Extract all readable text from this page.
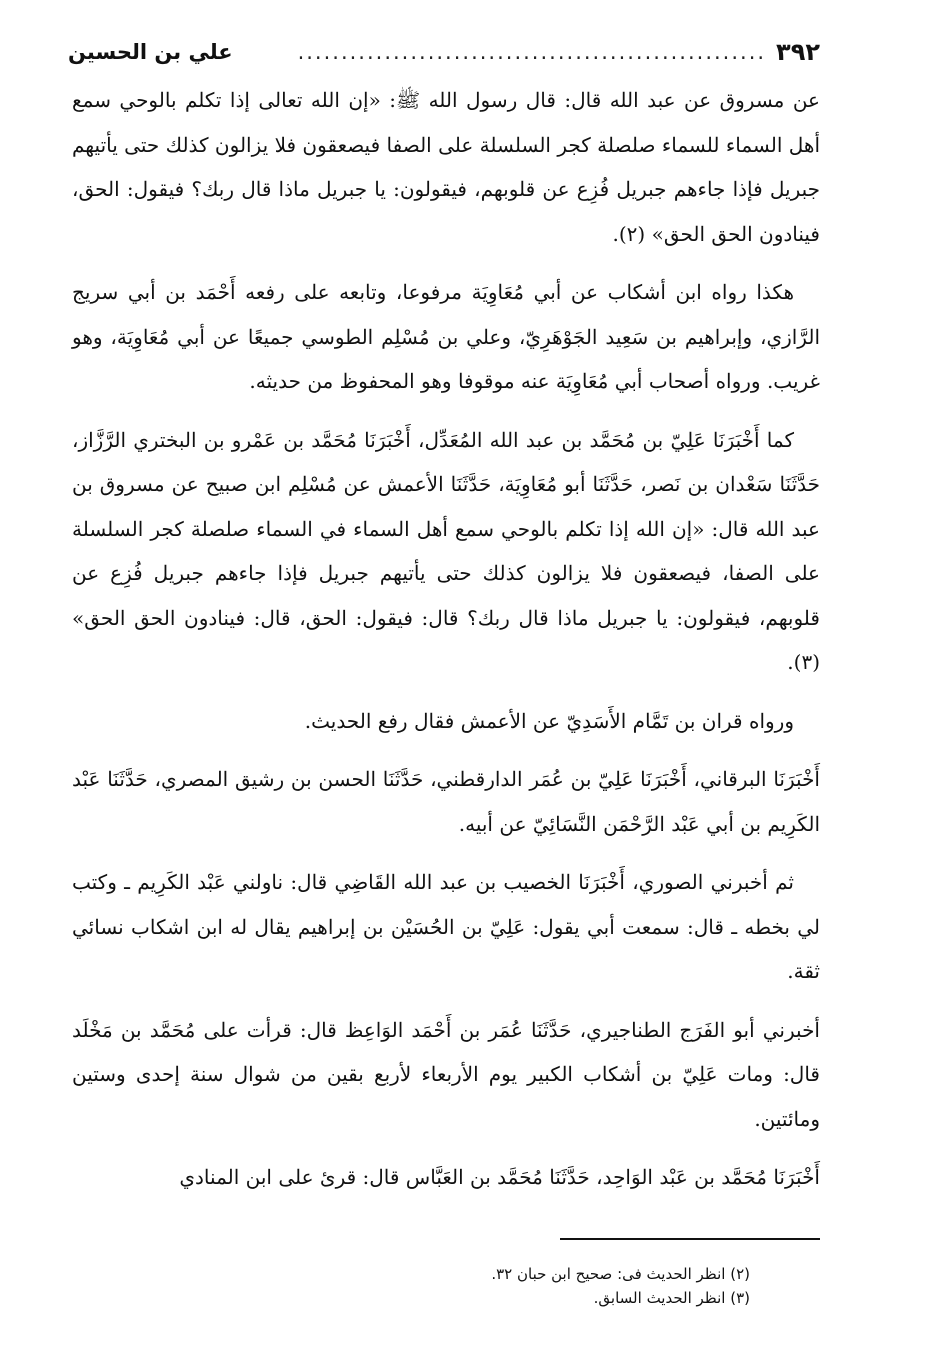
٣٩٢
......................................................
علي بن الحسين

عن مسروق عن عبد الله قال: قال رسول الله ﷺ: «إن الله تعالى إذا تكلم بالوحي سمع أهل السماء للسماء صلصلة كجر السلسلة على الصفا فيصعقون فلا يزالون كذلك حتى يأتيهم جبريل فإذا جاءهم جبريل فُزِع عن قلوبهم، فيقولون: يا جبريل ماذا قال ربك؟ فيقول: الحق، فينادون الحق الحق» (٢).

هكذا رواه ابن أشكاب عن أبي مُعَاوِيَة مرفوعا، وتابعه على رفعه أَحْمَد بن أبي سريج الرَّازي، وإبراهيم بن سَعِيد الجَوْهَرِيّ، وعلي بن مُسْلِم الطوسي جميعًا عن أبي مُعَاوِيَة، وهو غريب. ورواه أصحاب أبي مُعَاوِيَة عنه موقوفا وهو المحفوظ من حديثه.

كما أَخْبَرَنَا عَلِيّ بن مُحَمَّد بن عبد الله المُعَدِّل، أَخْبَرَنَا مُحَمَّد بن عَمْرو بن البختري الرَّزَّاز، حَدَّثَنَا سَعْدان بن نَصر، حَدَّثَنَا أبو مُعَاوِيَة، حَدَّثَنَا الأعمش عن مُسْلِم ابن صبيح عن مسروق بن عبد الله قال: «إن الله إذا تكلم بالوحي سمع أهل السماء في السماء صلصلة كجر السلسلة على الصفا، فيصعقون فلا يزالون كذلك حتى يأتيهم جبريل فإذا جاءهم جبريل فُزِع عن قلوبهم، فيقولون: يا جبريل ماذا قال ربك؟ قال: فيقول: الحق، قال: فينادون الحق الحق» (٣).

ورواه قران بن تَمَّام الأَسَدِيّ عن الأعمش فقال رفع الحديث.

أَخْبَرَنَا البرقاني، أَخْبَرَنَا عَلِيّ بن عُمَر الدارقطني، حَدَّثَنَا الحسن بن رشيق المصري، حَدَّثَنَا عَبْد الكَرِيم بن أبي عَبْد الرَّحْمَن النَّسَائِيّ عن أبيه.

ثم أخبرني الصوري، أَخْبَرَنَا الخصيب بن عبد الله القَاضِي قال: ناولني عَبْد الكَرِيم ـ وكتب لي بخطه ـ قال: سمعت أبي يقول: عَلِيّ بن الحُسَيْن بن إبراهيم يقال له ابن اشكاب نسائي ثقة.

أخبرني أبو الفَرَج الطناجيري، حَدَّثَنَا عُمَر بن أَحْمَد الوَاعِظ قال: قرأت على مُحَمَّد بن مَخْلَد قال: ومات عَلِيّ بن أشكاب الكبير يوم الأربعاء لأربع بقين من شوال سنة إحدى وستين ومائتين.

أَخْبَرَنَا مُحَمَّد بن عَبْد الوَاحِد، حَدَّثَنَا مُحَمَّد بن العَبَّاس قال: قرئ على ابن المنادي

(٢) انظر الحديث فى: صحيح ابن حبان ٣٢.
(٣) انظر الحديث السابق.
